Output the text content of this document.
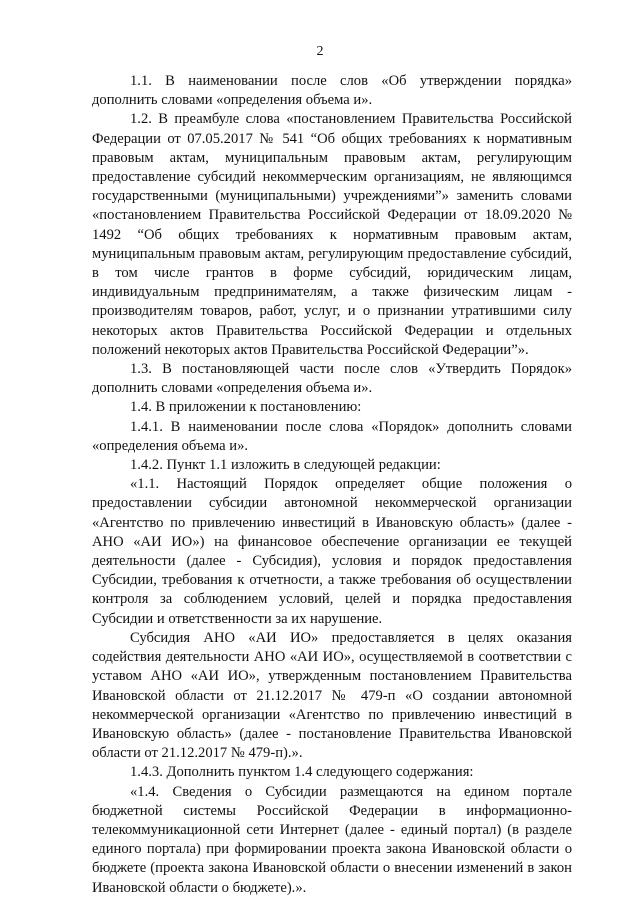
2

1.1. В наименовании после слов «Об утверждении порядка» дополнить словами «определения объема и».

1.2. В преамбуле слова «постановлением Правительства Российской Федерации от 07.05.2017 № 541 “Об общих требованиях к нормативным правовым актам, муниципальным правовым актам, регулирующим предоставление субсидий некоммерческим организациям, не являющимся государственными (муниципальными) учреждениями”» заменить словами «постановлением Правительства Российской Федерации от 18.09.2020 № 1492 “Об общих требованиях к нормативным правовым актам, муниципальным правовым актам, регулирующим предоставление субсидий, в том числе грантов в форме субсидий, юридическим лицам, индивидуальным предпринимателям, а также физическим лицам - производителям товаров, работ, услуг, и о признании утратившими силу некоторых актов Правительства Российской Федерации и отдельных положений некоторых актов Правительства Российской Федерации”».

1.3. В постановляющей части после слов «Утвердить Порядок» дополнить словами «определения объема и».

1.4. В приложении к постановлению:

1.4.1. В наименовании после слова «Порядок» дополнить словами «определения объема и».

1.4.2. Пункт 1.1 изложить в следующей редакции:

«1.1. Настоящий Порядок определяет общие положения о предоставлении субсидии автономной некоммерческой организации «Агентство по привлечению инвестиций в Ивановскую область» (далее - АНО «АИ ИО») на финансовое обеспечение организации ее текущей деятельности (далее - Субсидия), условия и порядок предоставления Субсидии, требования к отчетности, а также требования об осуществлении контроля за соблюдением условий, целей и порядка предоставления Субсидии и ответственности за их нарушение.

Субсидия АНО «АИ ИО» предоставляется в целях оказания содействия деятельности АНО «АИ ИО», осуществляемой в соответствии с уставом АНО «АИ ИО», утвержденным постановлением Правительства Ивановской области от 21.12.2017 № 479-п «О создании автономной некоммерческой организации «Агентство по привлечению инвестиций в Ивановскую область» (далее - постановление Правительства Ивановской области от 21.12.2017 № 479-п).».

1.4.3. Дополнить пунктом 1.4 следующего содержания:

«1.4. Сведения о Субсидии размещаются на едином портале бюджетной системы Российской Федерации в информационно-телекоммуникационной сети Интернет (далее - единый портал) (в разделе единого портала) при формировании проекта закона Ивановской области о бюджете (проекта закона Ивановской области о внесении изменений в закон Ивановской области о бюджете).».
